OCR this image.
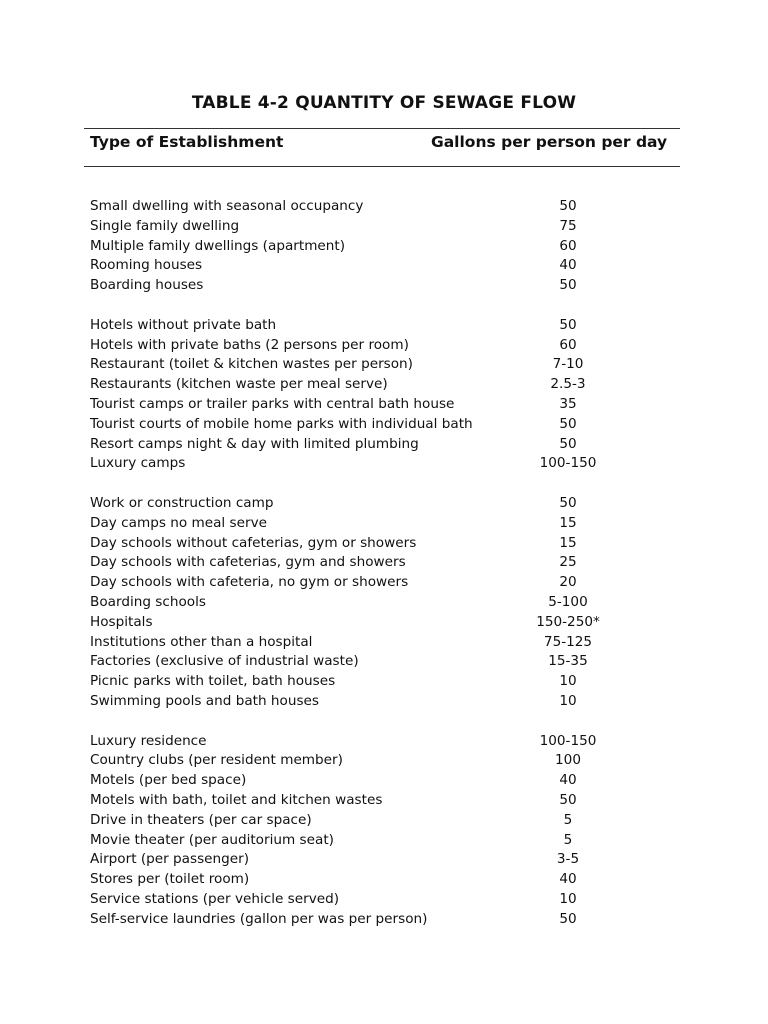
TABLE 4-2 QUANTITY OF SEWAGE FLOW
Type of Establishment	Gallons per person per day
Small dwelling with seasonal occupancy	50
Single family dwelling	75
Multiple family dwellings (apartment)	60
Rooming houses	40
Boarding houses	50
Hotels without private bath	50
Hotels with private baths (2 persons per room)	60
Restaurant (toilet & kitchen wastes per person)	7-10
Restaurants (kitchen waste per meal serve)	2.5-3
Tourist camps or trailer parks with central bath house	35
Tourist courts of mobile home parks with individual bath	50
Resort camps night & day with limited plumbing	50
Luxury camps	100-150
Work or construction camp	50
Day camps no meal serve	15
Day schools without cafeterias, gym or showers	15
Day schools with cafeterias, gym and showers	25
Day schools with cafeteria, no gym or showers	20
Boarding schools	5-100
Hospitals	150-250*
Institutions other than a hospital	75-125
Factories (exclusive of industrial waste)	15-35
Picnic parks with toilet, bath houses	10
Swimming pools and bath houses	10
Luxury residence	100-150
Country clubs (per resident member)	100
Motels (per bed space)	40
Motels with bath, toilet and kitchen wastes	50
Drive in theaters (per car space)	5
Movie theater (per auditorium seat)	5
Airport (per passenger)	3-5
Stores per (toilet room)	40
Service stations (per vehicle served)	10
Self-service laundries (gallon per was per person)	50
